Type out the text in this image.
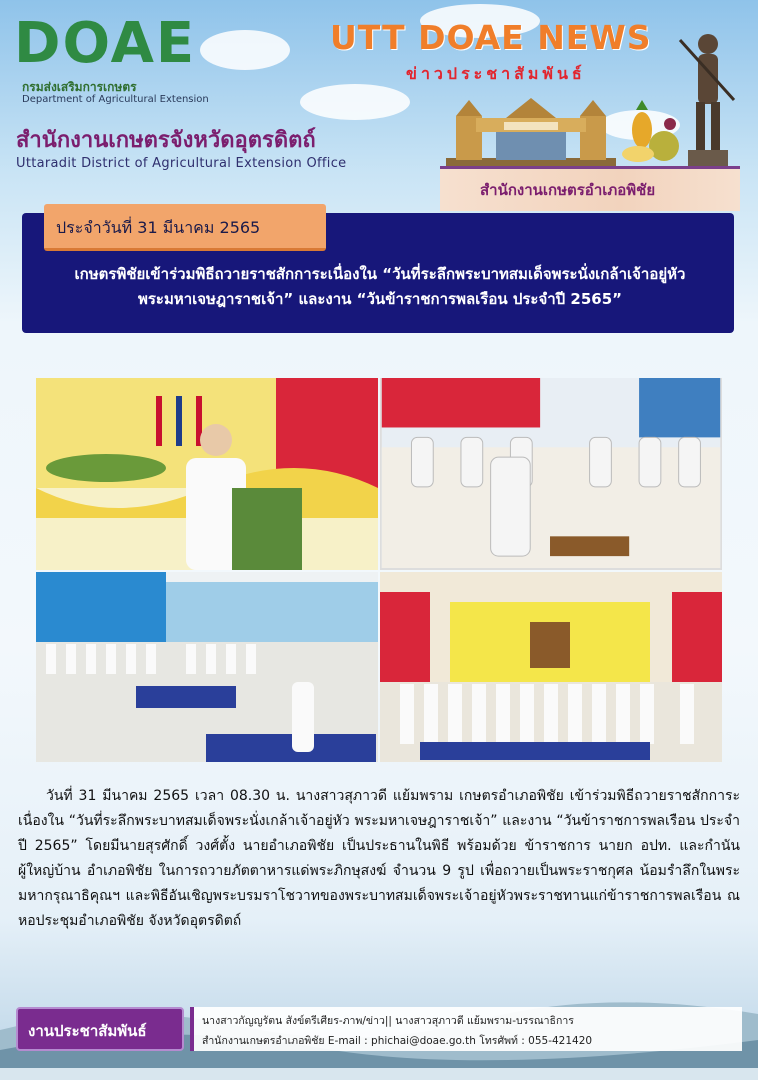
DOAE
กรมส่งเสริมการเกษตร
Department of Agricultural Extension
UTT DOAE NEWS
ข่าวประชาสัมพันธ์
สำนักงานเกษตรจังหวัดอุตรดิตถ์
Uttaradit District of Agricultural Extension Office
สำนักงานเกษตรอำเภอพิชัย
ประจำวันที่ 31 มีนาคม 2565
เกษตรพิชัยเข้าร่วมพิธีถวายราชสักการะเนื่องใน “วันที่ระลึกพระบาทสมเด็จพระนั่งเกล้าเจ้าอยู่หัว
พระมหาเจษฎาราชเจ้า” และงาน “วันข้าราชการพลเรือน ประจำปี 2565”
วันที่ 31 มีนาคม 2565 เวลา 08.30 น. นางสาวสุภาวดี แย้มพราม เกษตรอำเภอพิชัย เข้าร่วมพิธีถวายราชสักการะเนื่องใน “วันที่ระลึกพระบาทสมเด็จพระนั่งเกล้าเจ้าอยู่หัว พระมหาเจษฎาราชเจ้า” และงาน “วันข้าราชการพลเรือน ประจำปี 2565” โดยมีนายสุรศักดิ์ วงศ์ตั้ง นายอำเภอพิชัย เป็นประธานในพิธี พร้อมด้วย ข้าราชการ นายก อปท. และกำนัน ผู้ใหญ่บ้าน อำเภอพิชัย ในการถวายภัตตาหารแด่พระภิกษุสงฆ์ จำนวน 9 รูป เพื่อถวายเป็นพระราชกุศล น้อมรำลึกในพระมหากรุณาธิคุณฯ และพิธีอันเชิญพระบรมราโชวาทของพระบาทสมเด็จพระเจ้าอยู่หัวพระราชทานแก่ข้าราชการพลเรือน ณ หอประชุมอำเภอพิชัย จังหวัดอุตรดิตถ์
งานประชาสัมพันธ์
นางสาวกัญญรัตน สังข์ตรีเศียร-ภาพ/ข่าว|| นางสาวสุภาวดี แย้มพราม-บรรณาธิการ
สำนักงานเกษตรอำเภอพิชัย E-mail : phichai@doae.go.th โทรศัพท์ : 055-421420
